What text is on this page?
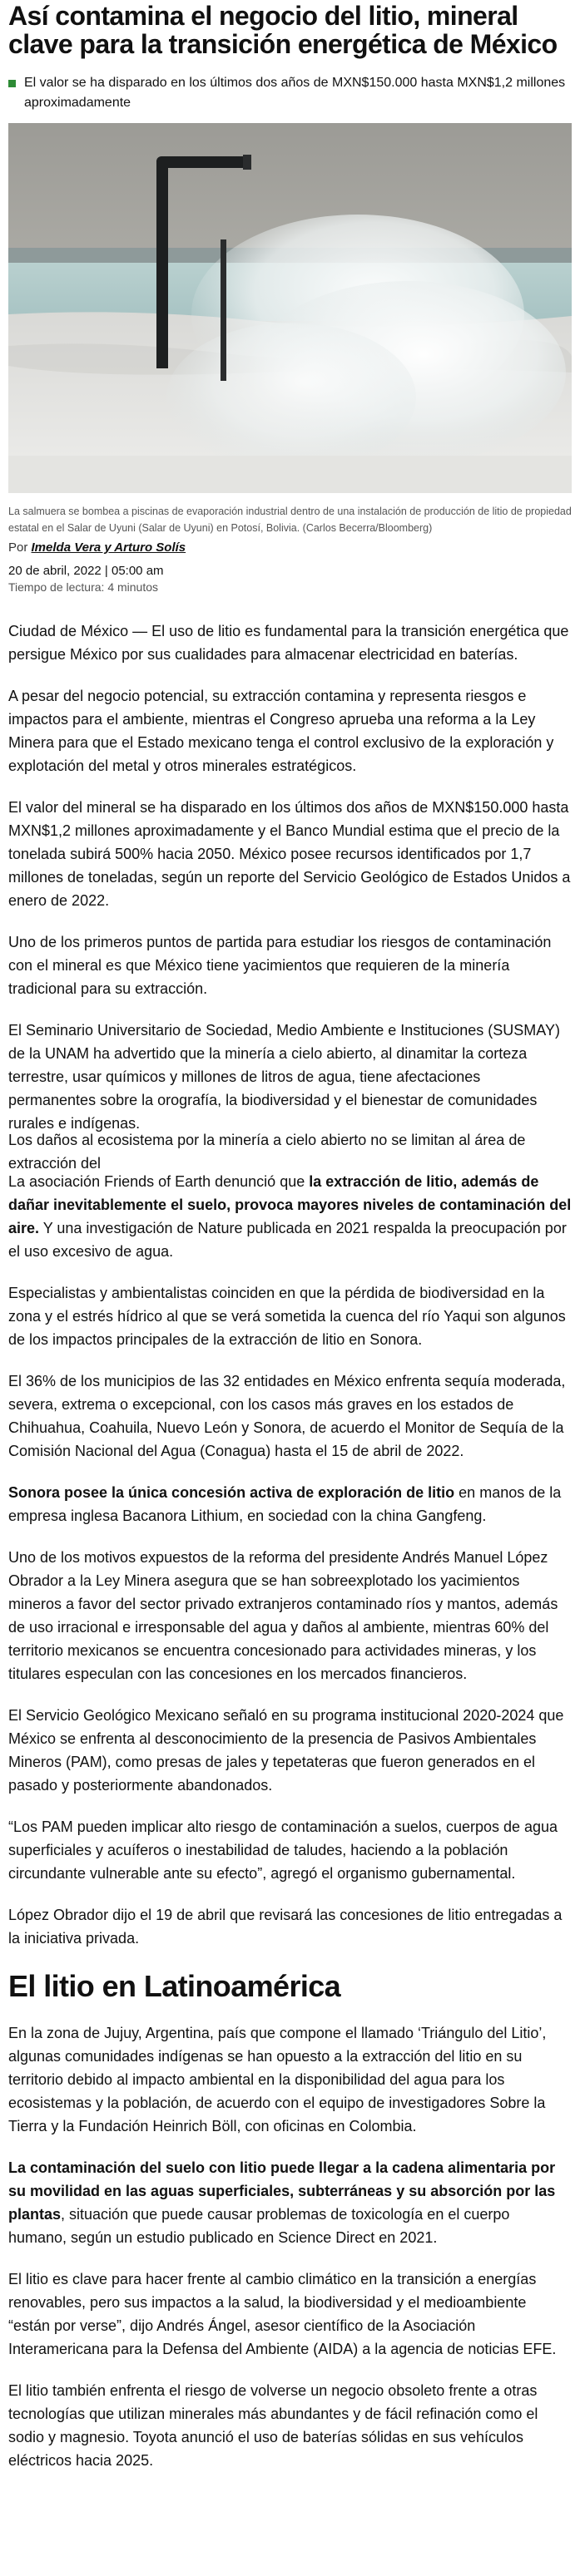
Así contamina el negocio del litio, mineral clave para la transición energética de México
El valor se ha disparado en los últimos dos años de MXN$150.000 hasta MXN$1,2 millones aproximadamente
La salmuera se bombea a piscinas de evaporación industrial dentro de una instalación de producción de litio de propiedad estatal en el Salar de Uyuni (Salar de Uyuni) en Potosí, Bolivia. (Carlos Becerra/Bloomberg)
Por Imelda Vera y Arturo Solís
20 de abril, 2022 | 05:00 am
Tiempo de lectura: 4 minutos

Ciudad de México — El uso de litio es fundamental para la transición energética que persigue México por sus cualidades para almacenar electricidad en baterías.

A pesar del negocio potencial, su extracción contamina y representa riesgos e impactos para el ambiente, mientras el Congreso aprueba una reforma a la Ley Minera para que el Estado mexicano tenga el control exclusivo de la exploración y explotación del metal y otros minerales estratégicos.

El valor del mineral se ha disparado en los últimos dos años de MXN$150.000 hasta MXN$1,2 millones aproximadamente y el Banco Mundial estima que el precio de la tonelada subirá 500% hacia 2050. México posee recursos identificados por 1,7 millones de toneladas, según un reporte del Servicio Geológico de Estados Unidos a enero de 2022.

Uno de los primeros puntos de partida para estudiar los riesgos de contaminación con el mineral es que México tiene yacimientos que requieren de la minería tradicional para su extracción.

El Seminario Universitario de Sociedad, Medio Ambiente e Instituciones (SUSMAY) de la UNAM ha advertido que la minería a cielo abierto, al dinamitar la corteza terrestre, usar químicos y millones de litros de agua, tiene afectaciones permanentes sobre la orografía, la biodiversidad y el bienestar de comunidades rurales e indígenas.

Los daños al ecosistema por la minería a cielo abierto no se limitan al área de extracción del

La asociación Friends of Earth denunció que la extracción de litio, además de dañar inevitablemente el suelo, provoca mayores niveles de contaminación del aire. Y una investigación de Nature publicada en 2021 respalda la preocupación por el uso excesivo de agua.

Especialistas y ambientalistas coinciden en que la pérdida de biodiversidad en la zona y el estrés hídrico al que se verá sometida la cuenca del río Yaqui son algunos de los impactos principales de la extracción de litio en Sonora.

El 36% de los municipios de las 32 entidades en México enfrenta sequía moderada, severa, extrema o excepcional, con los casos más graves en los estados de Chihuahua, Coahuila, Nuevo León y Sonora, de acuerdo el Monitor de Sequía de la Comisión Nacional del Agua (Conagua) hasta el 15 de abril de 2022.

Sonora posee la única concesión activa de exploración de litio en manos de la empresa inglesa Bacanora Lithium, en sociedad con la china Gangfeng.

Uno de los motivos expuestos de la reforma del presidente Andrés Manuel López Obrador a la Ley Minera asegura que se han sobreexplotado los yacimientos mineros a favor del sector privado extranjeros contaminado ríos y mantos, además de uso irracional e irresponsable del agua y daños al ambiente, mientras 60% del territorio mexicanos se encuentra concesionado para actividades mineras, y los titulares especulan con las concesiones en los mercados financieros.

El Servicio Geológico Mexicano señaló en su programa institucional 2020-2024 que México se enfrenta al desconocimiento de la presencia de Pasivos Ambientales Mineros (PAM), como presas de jales y tepetateras que fueron generados en el pasado y posteriormente abandonados.

“Los PAM pueden implicar alto riesgo de contaminación a suelos, cuerpos de agua superficiales y acuíferos o inestabilidad de taludes, haciendo a la población circundante vulnerable ante su efecto”, agregó el organismo gubernamental.

López Obrador dijo el 19 de abril que revisará las concesiones de litio entregadas a la iniciativa privada.

El litio en Latinoamérica

En la zona de Jujuy, Argentina, país que compone el llamado ‘Triángulo del Litio’, algunas comunidades indígenas se han opuesto a la extracción del litio en su territorio debido al impacto ambiental en la disponibilidad del agua para los ecosistemas y la población, de acuerdo con el equipo de investigadores Sobre la Tierra y la Fundación Heinrich Böll, con oficinas en Colombia.

La contaminación del suelo con litio puede llegar a la cadena alimentaria por su movilidad en las aguas superficiales, subterráneas y su absorción por las plantas, situación que puede causar problemas de toxicología en el cuerpo humano, según un estudio publicado en Science Direct en 2021.

El litio es clave para hacer frente al cambio climático en la transición a energías renovables, pero sus impactos a la salud, la biodiversidad y el medioambiente “están por verse”, dijo Andrés Ángel, asesor científico de la Asociación Interamericana para la Defensa del Ambiente (AIDA) a la agencia de noticias EFE.

El litio también enfrenta el riesgo de volverse un negocio obsoleto frente a otras tecnologías que utilizan minerales más abundantes y de fácil refinación como el sodio y magnesio. Toyota anunció el uso de baterías sólidas en sus vehículos eléctricos hacia 2025.
